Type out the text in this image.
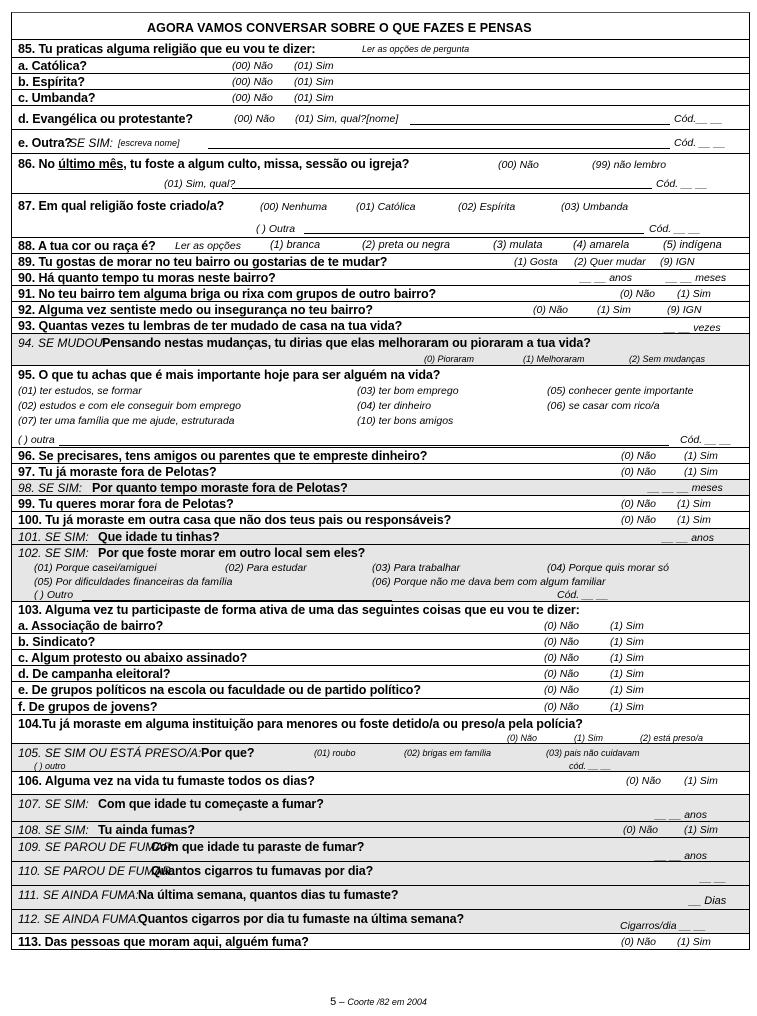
AGORA VAMOS CONVERSAR SOBRE O QUE FAZES E PENSAS
85. Tu praticas alguma religião que eu vou te dizer:	Ler as opções de pergunta
a. Católica?	(00) Não (01) Sim
b. Espírita?	(00) Não (01) Sim
c. Umbanda?	(00) Não (01) Sim
d. Evangélica ou protestante?	(00) Não (01) Sim, qual?[nome]	Cód.__ __
e. Outra?
SE SIM: [escreva nome]	Cód. __ __
86. No último mês, tu foste a algum culto, missa, sessão ou igreja?	(00) Não	(99) não lembro
(01) Sim, qual?	Cód. __ __
87. Em qual religião foste criado/a?	(00) Nenhuma	(01) Católica	(02) Espírita	(03) Umbanda
( ) Outra	Cód. __ __
88. A tua cor ou raça é? Ler as opções	(1) branca	(2) preta ou negra	(3) mulata	(4) amarela	(5) indígena
89. Tu gostas de morar no teu bairro ou gostarias de te mudar?	(1) Gosta (2) Quer mudar (9) IGN
90. Há quanto tempo tu moras neste bairro?	__ __ anos	__ __ meses
91. No teu bairro tem alguma briga ou rixa com grupos de outro bairro?	(0) Não (1) Sim
92. Alguma vez sentiste medo ou insegurança no teu bairro?	(0) Não	(1) Sim	(9) IGN
93. Quantas vezes tu lembras de ter mudado de casa na tua vida?	__ __ vezes
94. SE MUDOU:
Pensando nestas mudanças, tu dirias que elas melhoraram ou pioraram a tua vida?
(0) Pioraram	(1) Melhoraram	(2) Sem mudanças
95. O que tu achas que é mais importante hoje para ser alguém na vida?
(01) ter estudos, se formar	(03) ter bom emprego	(05) conhecer gente importante
(02) estudos e com ele conseguir bom emprego	(04) ter dinheiro	(06) se casar com rico/a
(07) ter uma família que me ajude, estruturada	(10) ter bons amigos
( ) outra	Cód. __ __
96. Se precisares, tens amigos ou parentes que te empreste dinheiro?	(0) Não	(1) Sim
97. Tu já moraste fora de Pelotas?	(0) Não	(1) Sim
98. SE SIM: Por quanto tempo moraste fora de Pelotas?	__ __ __ meses
99. Tu queres morar fora de Pelotas?	(0) Não (1) Sim
100. Tu já moraste em outra casa que não dos teus pais ou responsáveis?	(0) Não (1) Sim
101. SE SIM: Que idade tu tinhas?	__ __ anos
102. SE SIM: Por que foste morar em outro local sem eles?
(01) Porque casei/amiguei	(02) Para estudar	(03) Para trabalhar	(04) Porque quis morar só
(05) Por dificuldades financeiras da família	(06) Porque não me dava bem com algum familiar
( ) Outro	Cód. __ __
103. Alguma vez tu participaste de forma ativa de uma das seguintes coisas que eu vou te dizer:
a. Associação de bairro?	(0) Não	(1) Sim
b. Sindicato?	(0) Não	(1) Sim
c. Algum protesto ou abaixo assinado?	(0) Não	(1) Sim
d. De campanha eleitoral?	(0) Não	(1) Sim
e. De grupos políticos na escola ou faculdade ou de partido político?	(0) Não	(1) Sim
f. De grupos de jovens?	(0) Não	(1) Sim
104.Tu já moraste em alguma instituição para menores ou foste detido/a ou preso/a pela polícia?
(0) Não	(1) Sim	(2) está preso/a
105. SE SIM OU ESTÁ PRESO/A: Por que?	(01) roubo	(02) brigas em família	(03) pais não cuidavam
( ) outro	cód. __ __
106. Alguma vez na vida tu fumaste todos os dias?	(0) Não (1) Sim
107. SE SIM: Com que idade tu começaste a fumar?
__ __ anos
108. SE SIM: Tu ainda fumas?	(0) Não (1) Sim
109. SE PAROU DE FUMAR:
Com que idade tu paraste de fumar?
__ __ anos
110. SE PAROU DE FUMAR:
Quantos cigarros tu fumavas por dia?	__ __
111. SE AINDA FUMA: Na última semana, quantos dias tu fumaste?	__ Dias
112. SE AINDA FUMA:
Quantos cigarros por dia tu fumaste na última semana?	Cigarros/dia __ __
113. Das pessoas que moram aqui, alguém fuma?	(0) Não (1) Sim
5 – Coorte /82 em 2004
